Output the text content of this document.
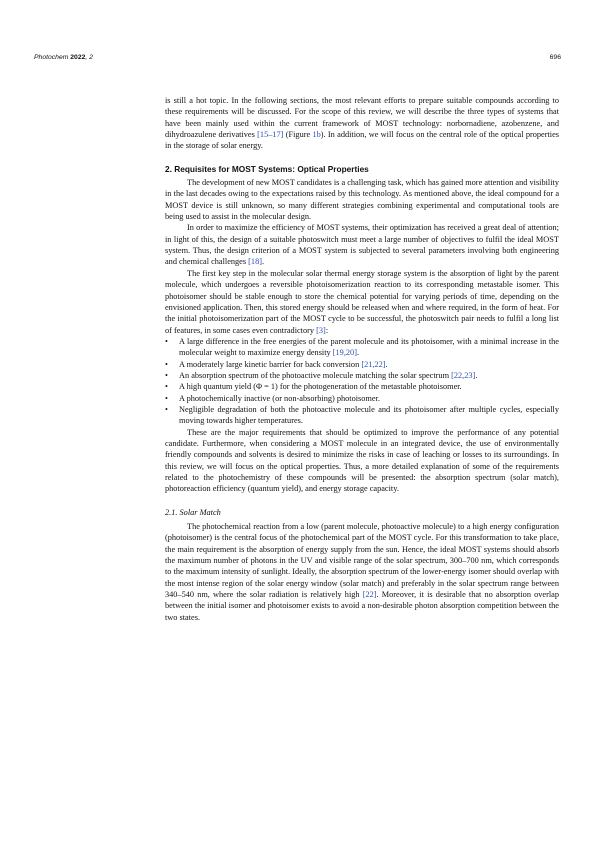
Photochem 2022, 2	696

is still a hot topic. In the following sections, the most relevant efforts to prepare suitable compounds according to these requirements will be discussed. For the scope of this review, we will describe the three types of systems that have been mainly used within the current framework of MOST technology: norbornadiene, azobenzene, and dihydroazulene derivatives [15–17] (Figure 1b). In addition, we will focus on the central role of the optical properties in the storage of solar energy.

2. Requisites for MOST Systems: Optical Properties

The development of new MOST candidates is a challenging task, which has gained more attention and visibility in the last decades owing to the expectations raised by this technology. As mentioned above, the ideal compound for a MOST device is still unknown, so many different strategies combining experimental and computational tools are being used to assist in the molecular design.

In order to maximize the efficiency of MOST systems, their optimization has received a great deal of attention; in light of this, the design of a suitable photoswitch must meet a large number of objectives to fulfil the ideal MOST system. Thus, the design criterion of a MOST system is subjected to several parameters involving both engineering and chemical challenges [18].

The first key step in the molecular solar thermal energy storage system is the absorption of light by the parent molecule, which undergoes a reversible photoisomerization reaction to its corresponding metastable isomer. This photoisomer should be stable enough to store the chemical potential for varying periods of time, depending on the envisioned application. Then, this stored energy should be released when and where required, in the form of heat. For the initial photoisomerization part of the MOST cycle to be successful, the photoswitch pair needs to fulfil a long list of features, in some cases even contradictory [3]:

• A large difference in the free energies of the parent molecule and its photoisomer, with a minimal increase in the molecular weight to maximize energy density [19,20].
• A moderately large kinetic barrier for back conversion [21,22].
• An absorption spectrum of the photoactive molecule matching the solar spectrum [22,23].
• A high quantum yield (Φ = 1) for the photogeneration of the metastable photoisomer.
• A photochemically inactive (or non-absorbing) photoisomer.
• Negligible degradation of both the photoactive molecule and its photoisomer after multiple cycles, especially moving towards higher temperatures.

These are the major requirements that should be optimized to improve the performance of any potential candidate. Furthermore, when considering a MOST molecule in an integrated device, the use of environmentally friendly compounds and solvents is desired to minimize the risks in case of leaching or losses to its surroundings. In this review, we will focus on the optical properties. Thus, a more detailed explanation of some of the requirements related to the photochemistry of these compounds will be presented: the absorption spectrum (solar match), photoreaction efficiency (quantum yield), and energy storage capacity.

2.1. Solar Match

The photochemical reaction from a low (parent molecule, photoactive molecule) to a high energy configuration (photoisomer) is the central focus of the photochemical part of the MOST cycle. For this transformation to take place, the main requirement is the absorption of energy supply from the sun. Hence, the ideal MOST systems should absorb the maximum number of photons in the UV and visible range of the solar spectrum, 300–700 nm, which corresponds to the maximum intensity of sunlight. Ideally, the absorption spectrum of the lower-energy isomer should overlap with the most intense region of the solar energy window (solar match) and preferably in the solar spectrum range between 340–540 nm, where the solar radiation is relatively high [22]. Moreover, it is desirable that no absorption overlap between the initial isomer and photoisomer exists to avoid a non-desirable photon absorption competition between the two states.
